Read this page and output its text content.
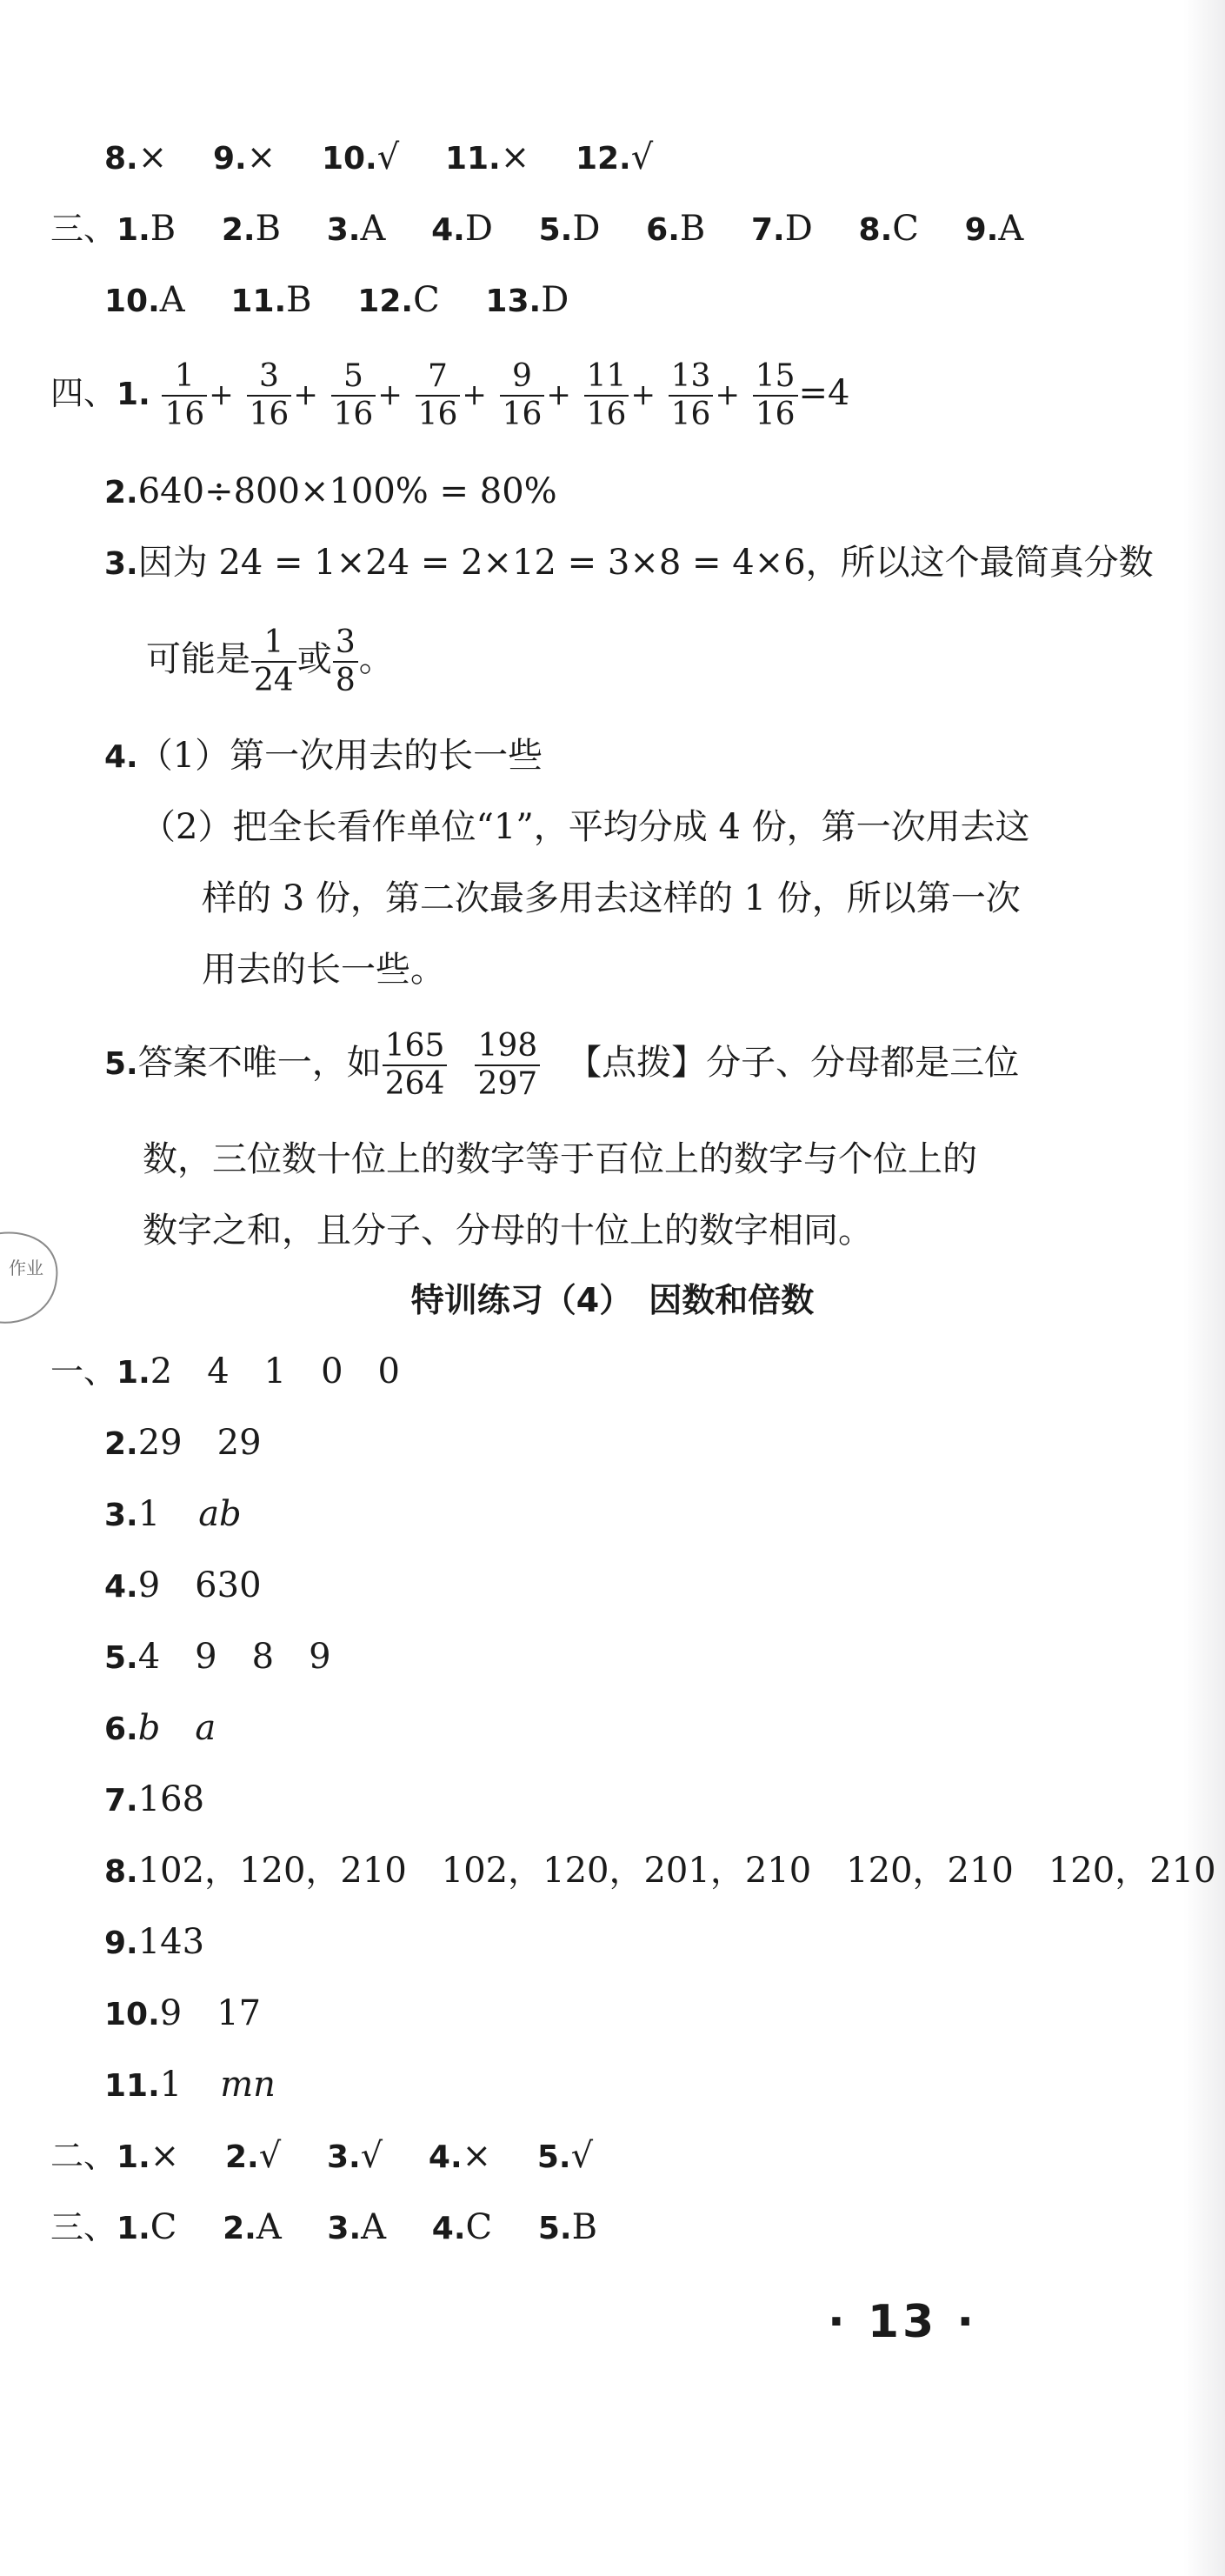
8.× 9.× 10.√ 11.× 12.√
三、1.B 2.B 3.A 4.D 5.D 6.B 7.D 8.C 9.A
10.A 11.B 12.C 13.D
四、1. $\frac{1}{16} + \frac{3}{16} + \frac{5}{16} + \frac{7}{16} + \frac{9}{16} + \frac{11}{16} + \frac{13}{16} + \frac{15}{16} =4$
2.640÷800×100% = 80%
3.因为 24 = 1×24 = 2×12 = 3×8 = 4×6，所以这个最简真分数
可能是 $\frac{1}{24}$ 或 $\frac{3}{8}$ 。
4.（1）第一次用去的长一些
（2）把全长看作单位“1”，平均分成 4 份，第一次用去这
样的 3 份，第二次最多用去这样的 1 份，所以第一次
用去的长一些。
5.答案不唯一，如 $\frac{165}{264} \frac{198}{297}$ 【点拨】分子、分母都是三位
数，三位数十位上的数字等于百位上的数字与个位上的
数字之和，且分子、分母的十位上的数字相同。
作业
特训练习（4）　因数和倍数
一、1.2　4　1　0　0
2.29　29
3.1 ab
4.9　630
5.4　9　8　9
6.b　a
7.168
8.102，120，210　102，120，201，210　120，210　120，210
9.143
10.9　17
11.1 mn
二、1.× 2.√ 3.√ 4.× 5.√
三、1.C 2.A 3.A 4.C 5.B
· 13 ·
